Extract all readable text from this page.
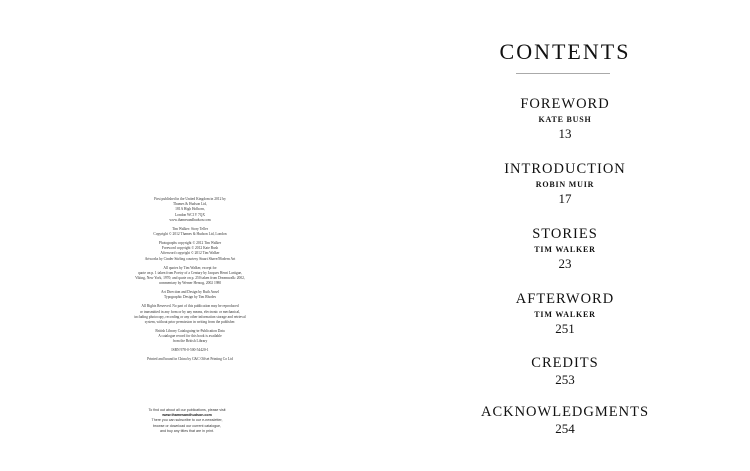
First published in the United Kingdom in 2012 by
Thames & Hudson Ltd,
181A High Holborn,
London WC1V 7QX
www.thamesandhudson.com
Tim Walker: Story Teller
Copyright © 2012 Thames & Hudson Ltd, London
Photographs copyright © 2012 Tim Walker
Foreword copyright © 2012 Kate Bush
Afterword copyright © 2012 Tim Walker
Artworks by Cinder Stirling courtesy Stuart Shave/Modern Art
All quotes by Tim Walker, except for
quote on p. 1 taken from Poetry of a Century by Jacques Henri Lartigue,
Viking, New York, 1970; and quote on p. 250 taken from Dreamwalk: 2002,
commentary by Werner Herzog, 2002 1980
Art Direction and Design by Ruth Ansel
Typographic Design by Tim Rhodes
All Rights Reserved. No part of this publication may be reproduced
or transmitted in any form or by any means, electronic or mechanical,
including photocopy, recording or any other information storage and retrieval
system, without prior permission in writing from the publisher.
British Library Cataloguing-in-Publication Data
A catalogue record for this book is available
from the British Library
ISBN 978-0-500-54420-1
Printed and bound in China by C&C Offset Printing Co Ltd
To find out about all our publications, please visit
www.thamesandhudson.com
There you can subscribe to our e-newsletter,
browse or download our current catalogue,
and buy any titles that are in print.
CONTENTS
FOREWORD
KATE BUSH
13
INTRODUCTION
ROBIN MUIR
17
STORIES
TIM WALKER
23
AFTERWORD
TIM WALKER
251
CREDITS
253
ACKNOWLEDGMENTS
254
